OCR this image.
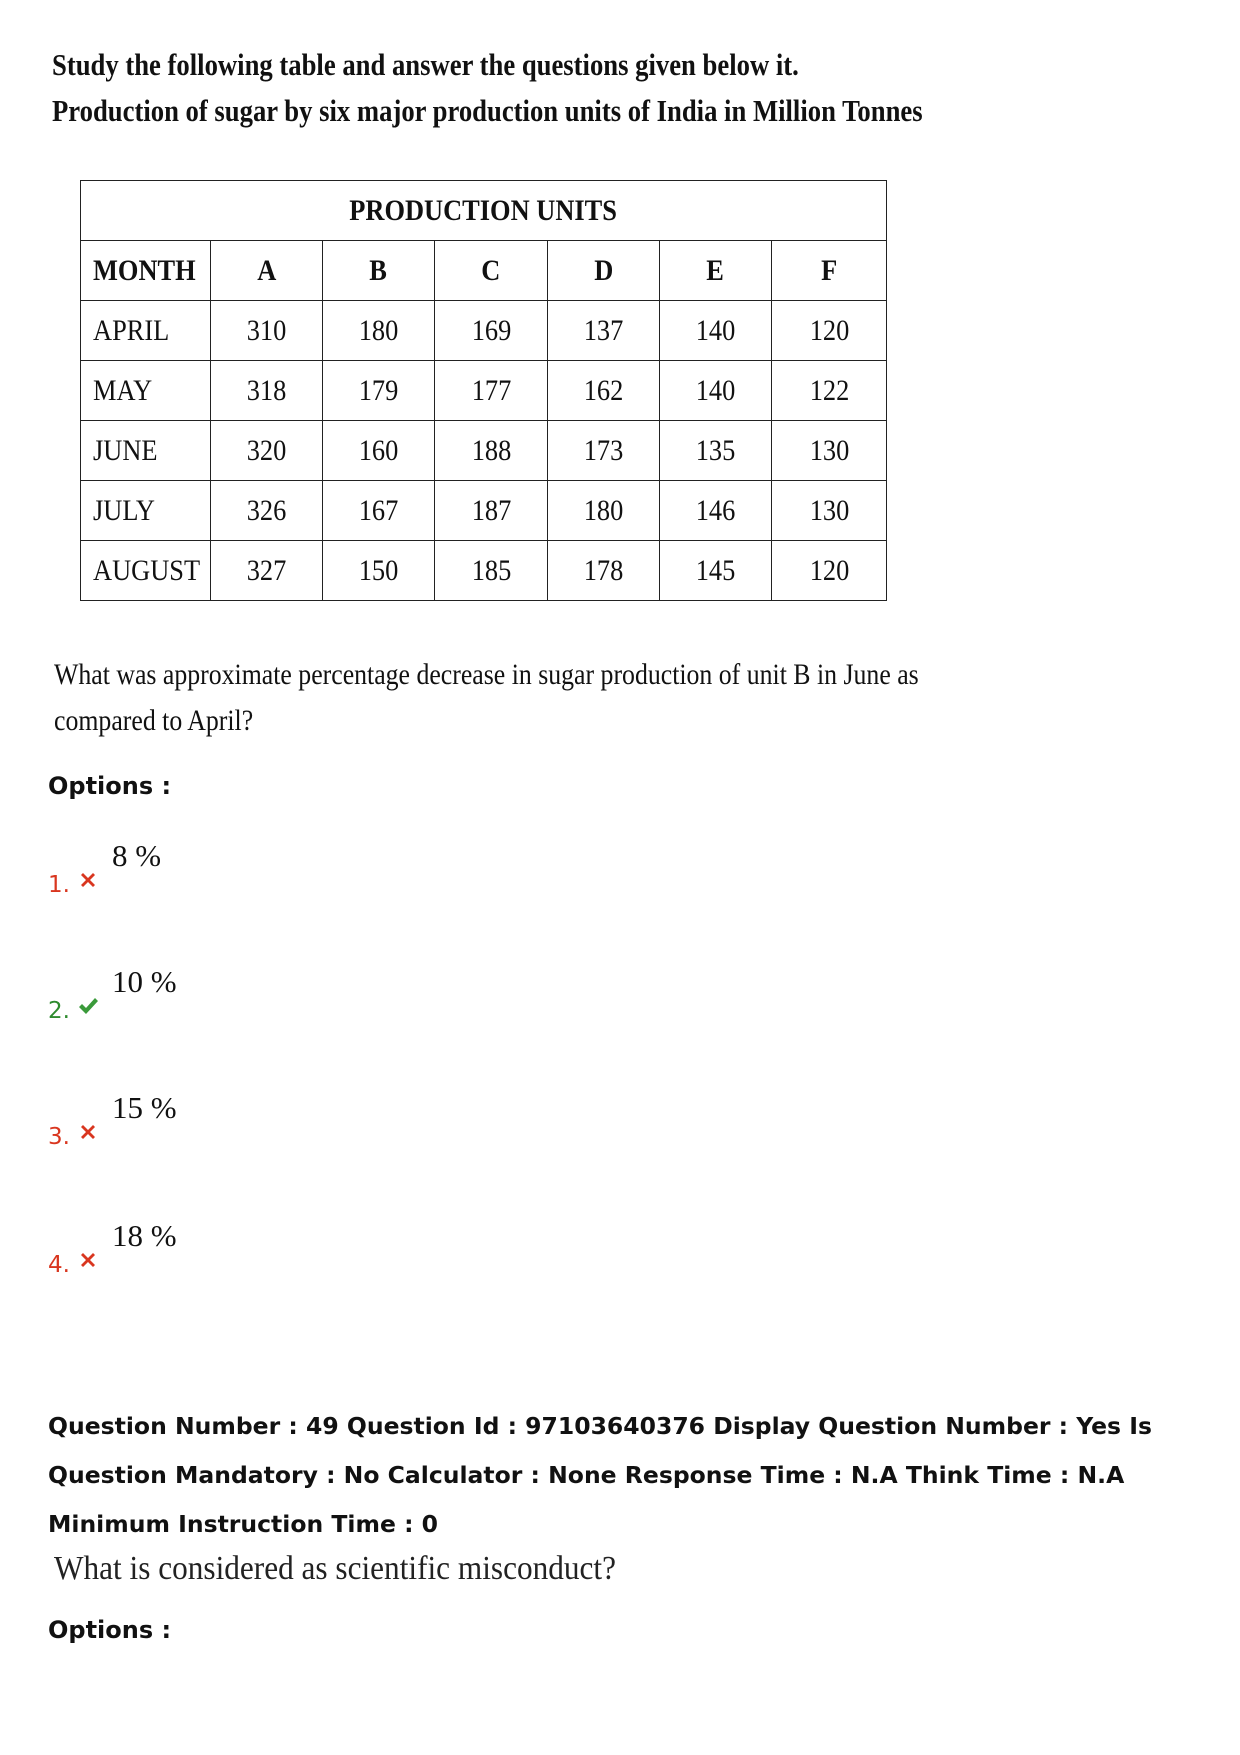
Study the following table and answer the questions given below it.
Production of sugar by six major production units of India in Million Tonnes
PRODUCTION UNITS						
MONTH	A	B	C	D	E	F
APRIL	310	180	169	137	140	120
MAY	318	179	177	162	140	122
JUNE	320	160	188	173	135	130
JULY	326	167	187	180	146	130
AUGUST	327	150	185	178	145	120
What was approximate percentage decrease in sugar production of unit B in June as compared to April?
Options :
1.
8 %
2.
10 %
3.
15 %
4.
18 %
Question Number : 49 Question Id : 97103640376 Display Question Number : Yes Is Question Mandatory : No Calculator : None Response Time : N.A Think Time : N.A Minimum Instruction Time : 0
What is considered as scientific misconduct?
Options :
